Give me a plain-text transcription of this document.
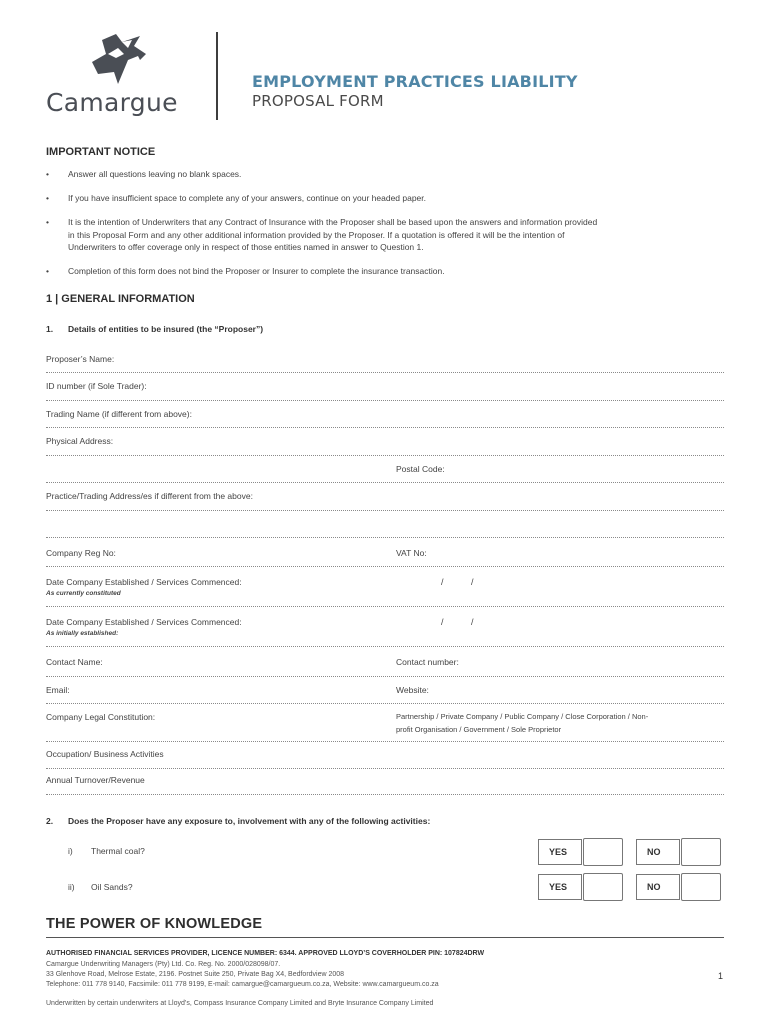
Camargue
EMPLOYMENT PRACTICES LIABILITY
PROPOSAL FORM
IMPORTANT NOTICE
• Answer all questions leaving no blank spaces.
• If you have insufficient space to complete any of your answers, continue on your headed paper.
• It is the intention of Underwriters that any Contract of Insurance with the Proposer shall be based upon the answers and information provided
in this Proposal Form and any other additional information provided by the Proposer. If a quotation is offered it will be the intention of
Underwriters to offer coverage only in respect of those entities named in answer to Question 1.
• Completion of this form does not bind the Proposer or Insurer to complete the insurance transaction.
1 | GENERAL INFORMATION
1. Details of entities to be insured (the “Proposer”)
Proposer’s Name:
ID number (if Sole Trader):
Trading Name (if different from above):
Physical Address:
Postal Code:
Practice/Trading Address/es if different from the above:
Company Reg No:	VAT No:
Date Company Established / Services Commenced:
As currently constituted
/	/
Date Company Established / Services Commenced:
As initially established:
/	/
Contact Name:	Contact number:
Email:	Website:
Company Legal Constitution:	Partnership / Private Company / Public Company / Close Corporation / Non-
profit Organisation / Government / Sole Proprietor
Occupation/ Business Activities
Annual Turnover/Revenue
2. Does the Proposer have any exposure to, involvement with any of the following activities:
i) Thermal coal?	YES	NO
ii) Oil Sands?	YES	NO
THE POWER OF KNOWLEDGE
AUTHORISED FINANCIAL SERVICES PROVIDER, LICENCE NUMBER: 6344. APPROVED LLOYD’S COVERHOLDER PIN: 107824DRW
Camargue Underwriting Managers (Pty) Ltd. Co. Reg. No. 2000/028098/07.
33 Glenhove Road, Melrose Estate, 2196. Postnet Suite 250, Private Bag X4, Bedfordview 2008
Telephone: 011 778 9140, Facsimile: 011 778 9199, E-mail: camargue@camargueum.co.za, Website: www.camargueum.co.za
1
Underwritten by certain underwriters at Lloyd’s, Compass Insurance Company Limited and Bryte Insurance Company Limited
